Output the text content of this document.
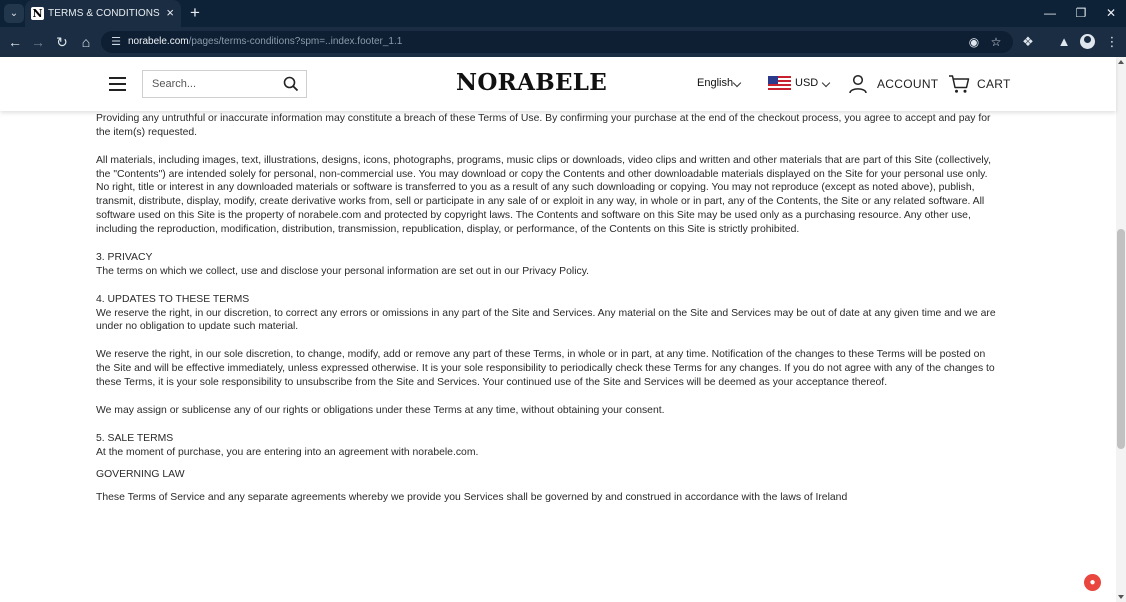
⌄	N TERMS & CONDITIONS × +	—	❐	✕
← → ↻ ⌂	☰ norabele.com/pages/terms-conditions?spm=..index.footer_1.1	◉ ☆ ❖ ▲	⋮
Search...
NORABELE	English	USD	ACCOUNT	CART

Providing any untruthful or inaccurate information may constitute a breach of these Terms of Use. By confirming your purchase at the end of the checkout process, you agree to accept and pay for

the item(s) requested.

All materials, including images, text, illustrations, designs, icons, photographs, programs, music clips or downloads, video clips and written and other materials that are part of this Site (collectively,

the "Contents") are intended solely for personal, non-commercial use. You may download or copy the Contents and other downloadable materials displayed on the Site for your personal use only.

No right, title or interest in any downloaded materials or software is transferred to you as a result of any such downloading or copying. You may not reproduce (except as noted above), publish,

transmit, distribute, display, modify, create derivative works from, sell or participate in any sale of or exploit in any way, in whole or in part, any of the Contents, the Site or any related software. All

software used on this Site is the property of norabele.com and protected by copyright laws. The Contents and software on this Site may be used only as a purchasing resource. Any other use,

including the reproduction, modification, distribution, transmission, republication, display, or performance, of the Contents on this Site is strictly prohibited.

3. PRIVACY

The terms on which we collect, use and disclose your personal information are set out in our Privacy Policy.

4. UPDATES TO THESE TERMS

We reserve the right, in our discretion, to correct any errors or omissions in any part of the Site and Services. Any material on the Site and Services may be out of date at any given time and we are

under no obligation to update such material.

We reserve the right, in our sole discretion, to change, modify, add or remove any part of these Terms, in whole or in part, at any time. Notification of the changes to these Terms will be posted on

the Site and will be effective immediately, unless expressed otherwise. It is your sole responsibility to periodically check these Terms for any changes. If you do not agree with any of the changes to

these Terms, it is your sole responsibility to unsubscribe from the Site and Services. Your continued use of the Site and Services will be deemed as your acceptance thereof.

We may assign or sublicense any of our rights or obligations under these Terms at any time, without obtaining your consent.

5. SALE TERMS

At the moment of purchase, you are entering into an agreement with norabele.com.

GOVERNING LAW

These Terms of Service and any separate agreements whereby we provide you Services shall be governed by and construed in accordance with the laws of Ireland

●
